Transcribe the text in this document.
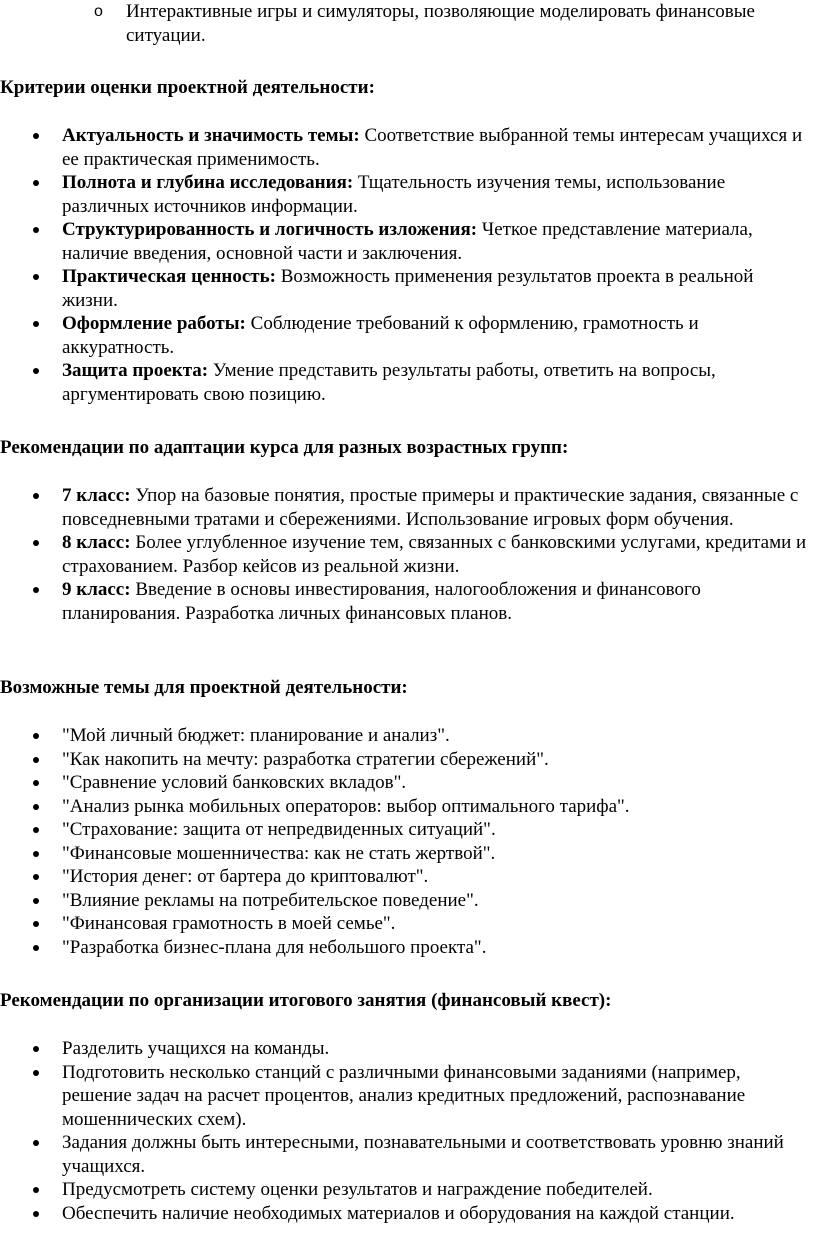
o Интерактивные игры и симуляторы, позволяющие моделировать финансовые ситуации.
Критерии оценки проектной деятельности:
Актуальность и значимость темы: Соответствие выбранной темы интересам учащихся и ее практическая применимость.
Полнота и глубина исследования: Тщательность изучения темы, использование различных источников информации.
Структурированность и логичность изложения: Четкое представление материала, наличие введения, основной части и заключения.
Практическая ценность: Возможность применения результатов проекта в реальной жизни.
Оформление работы: Соблюдение требований к оформлению, грамотность и аккуратность.
Защита проекта: Умение представить результаты работы, ответить на вопросы, аргументировать свою позицию.
Рекомендации по адаптации курса для разных возрастных групп:
7 класс: Упор на базовые понятия, простые примеры и практические задания, связанные с повседневными тратами и сбережениями. Использование игровых форм обучения.
8 класс: Более углубленное изучение тем, связанных с банковскими услугами, кредитами и страхованием. Разбор кейсов из реальной жизни.
9 класс: Введение в основы инвестирования, налогообложения и финансового планирования. Разработка личных финансовых планов.
Возможные темы для проектной деятельности:
"Мой личный бюджет: планирование и анализ".
"Как накопить на мечту: разработка стратегии сбережений".
"Сравнение условий банковских вкладов".
"Анализ рынка мобильных операторов: выбор оптимального тарифа".
"Страхование: защита от непредвиденных ситуаций".
"Финансовые мошенничества: как не стать жертвой".
"История денег: от бартера до криптовалют".
"Влияние рекламы на потребительское поведение".
"Финансовая грамотность в моей семье".
"Разработка бизнес-плана для небольшого проекта".
Рекомендации по организации итогового занятия (финансовый квест):
Разделить учащихся на команды.
Подготовить несколько станций с различными финансовыми заданиями (например, решение задач на расчет процентов, анализ кредитных предложений, распознавание мошеннических схем).
Задания должны быть интересными, познавательными и соответствовать уровню знаний учащихся.
Предусмотреть систему оценки результатов и награждение победителей.
Обеспечить наличие необходимых материалов и оборудования на каждой станции.
